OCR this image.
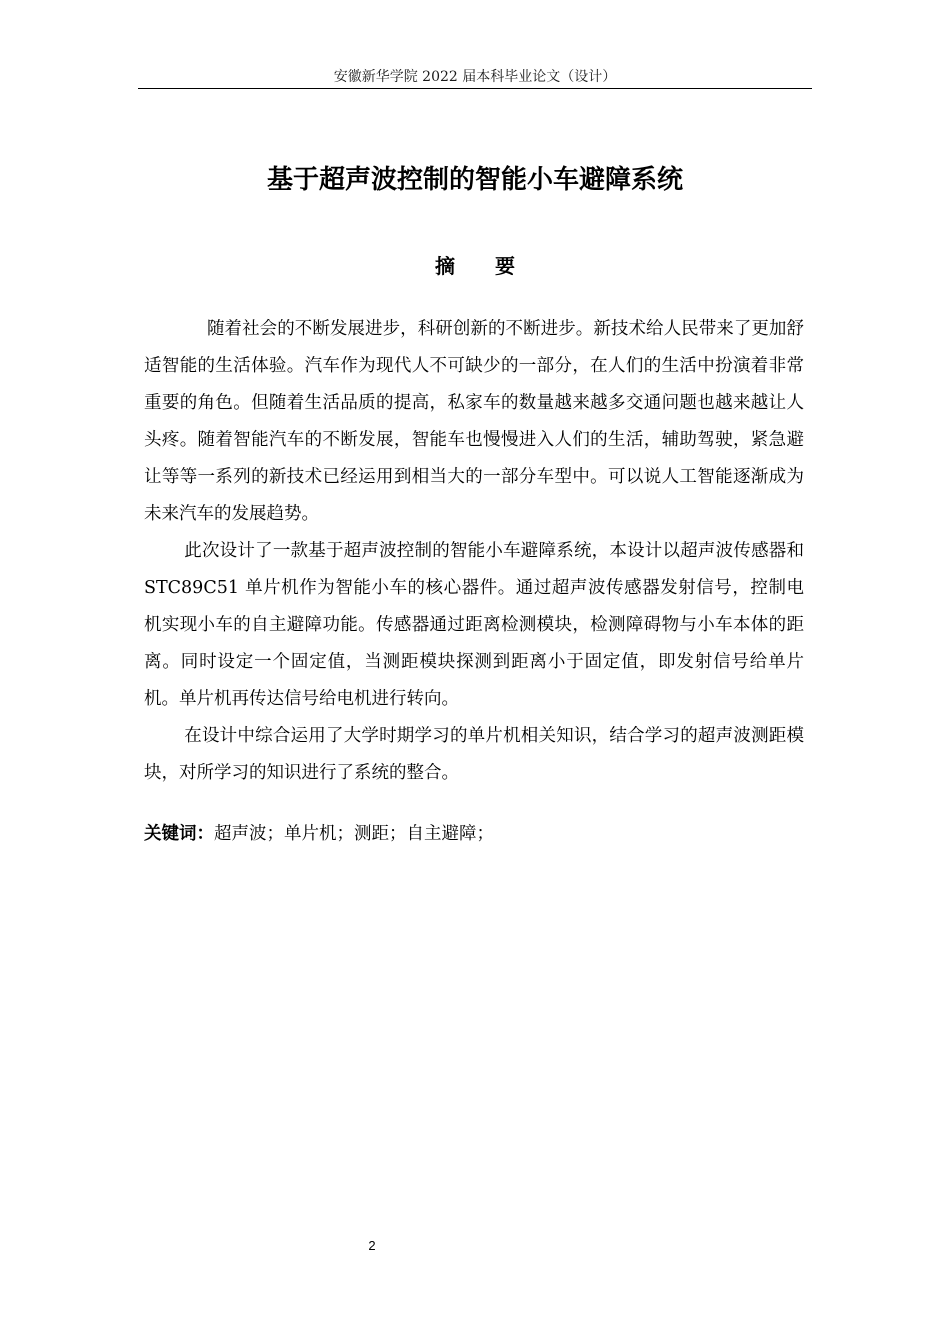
安徽新华学院 2022 届本科毕业论文（设计）
基于超声波控制的智能小车避障系统
摘要

随着社会的不断发展进步，科研创新的不断进步。新技术给人民带来了更加舒适智能的生活体验。汽车作为现代人不可缺少的一部分，在人们的生活中扮演着非常重要的角色。但随着生活品质的提高，私家车的数量越来越多交通问题也越来越让人头疼。随着智能汽车的不断发展，智能车也慢慢进入人们的生活，辅助驾驶，紧急避让等等一系列的新技术已经运用到相当大的一部分车型中。可以说人工智能逐渐成为未来汽车的发展趋势。

此次设计了一款基于超声波控制的智能小车避障系统，本设计以超声波传感器和 STC89C51 单片机作为智能小车的核心器件。通过超声波传感器发射信号，控制电机实现小车的自主避障功能。传感器通过距离检测模块，检测障碍物与小车本体的距离。同时设定一个固定值，当测距模块探测到距离小于固定值，即发射信号给单片机。单片机再传达信号给电机进行转向。

在设计中综合运用了大学时期学习的单片机相关知识，结合学习的超声波测距模块，对所学习的知识进行了系统的整合。

关键词：超声波；单片机；测距；自主避障；
2
